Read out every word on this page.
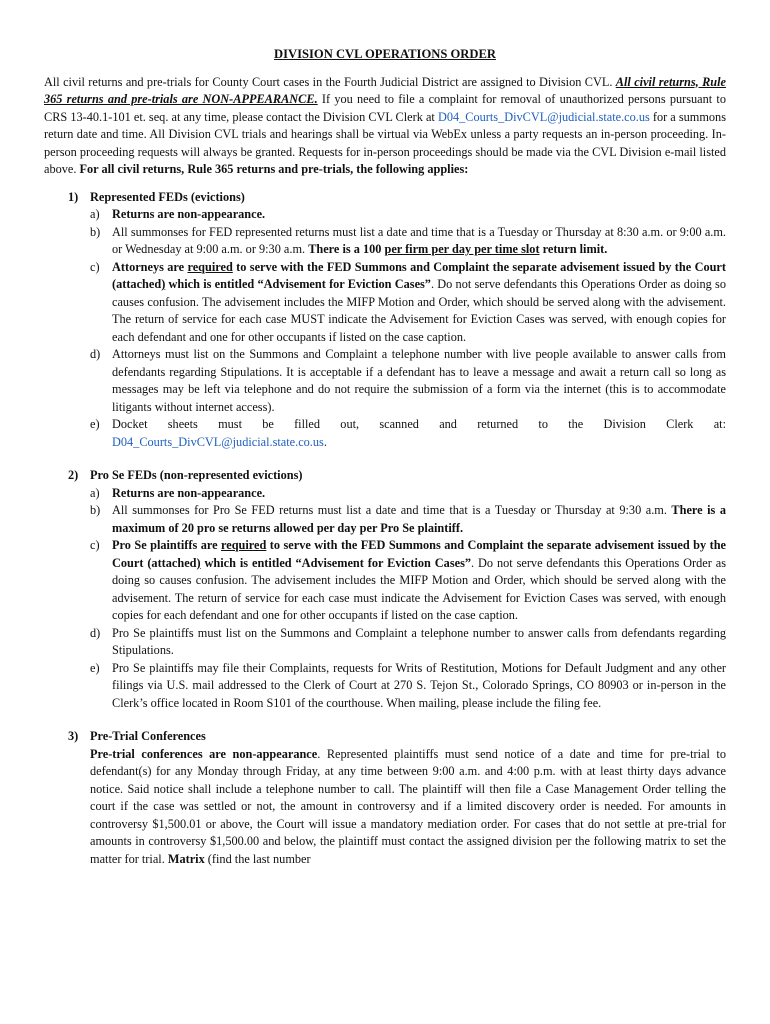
DIVISION CVL OPERATIONS ORDER

All civil returns and pre-trials for County Court cases in the Fourth Judicial District are assigned to Division CVL. All civil returns, Rule 365 returns and pre-trials are NON-APPEARANCE. If you need to file a complaint for removal of unauthorized persons pursuant to CRS 13-40.1-101 et. seq. at any time, please contact the Division CVL Clerk at D04_Courts_DivCVL@judicial.state.co.us for a summons return date and time. All Division CVL trials and hearings shall be virtual via WebEx unless a party requests an in-person proceeding. In-person proceeding requests will always be granted. Requests for in-person proceedings should be made via the CVL Division e-mail listed above. For all civil returns, Rule 365 returns and pre-trials, the following applies:

1) Represented FEDs (evictions)
a) Returns are non-appearance.
b) All summonses for FED represented returns must list a date and time that is a Tuesday or Thursday at 8:30 a.m. or 9:00 a.m. or Wednesday at 9:00 a.m. or 9:30 a.m. There is a 100 per firm per day per time slot return limit.
c) Attorneys are required to serve with the FED Summons and Complaint the separate advisement issued by the Court (attached) which is entitled “Advisement for Eviction Cases”. Do not serve defendants this Operations Order as doing so causes confusion. The advisement includes the MIFP Motion and Order, which should be served along with the advisement. The return of service for each case MUST indicate the Advisement for Eviction Cases was served, with enough copies for each defendant and one for other occupants if listed on the case caption.
d) Attorneys must list on the Summons and Complaint a telephone number with live people available to answer calls from defendants regarding Stipulations. It is acceptable if a defendant has to leave a message and await a return call so long as messages may be left via telephone and do not require the submission of a form via the internet (this is to accommodate litigants without internet access).
e) Docket sheets must be filled out, scanned and returned to the Division Clerk at:
D04_Courts_DivCVL@judicial.state.co.us.
2) Pro Se FEDs (non-represented evictions)
a) Returns are non-appearance.
b) All summonses for Pro Se FED returns must list a date and time that is a Tuesday or Thursday at 9:30 a.m. There is a maximum of 20 pro se returns allowed per day per Pro Se plaintiff.
c) Pro Se plaintiffs are required to serve with the FED Summons and Complaint the separate advisement issued by the Court (attached) which is entitled “Advisement for Eviction Cases”. Do not serve defendants this Operations Order as doing so causes confusion. The advisement includes the MIFP Motion and Order, which should be served along with the advisement. The return of service for each case must indicate the Advisement for Eviction Cases was served, with enough copies for each defendant and one for other occupants if listed on the case caption.
d) Pro Se plaintiffs must list on the Summons and Complaint a telephone number to answer calls from defendants regarding Stipulations.
e) Pro Se plaintiffs may file their Complaints, requests for Writs of Restitution, Motions for Default Judgment and any other filings via U.S. mail addressed to the Clerk of Court at 270 S. Tejon St., Colorado Springs, CO 80903 or in-person in the Clerk’s office located in Room S101 of the courthouse. When mailing, please include the filing fee.
3) Pre-Trial Conferences

Pre-trial conferences are non-appearance. Represented plaintiffs must send notice of a date and time for pre-trial to defendant(s) for any Monday through Friday, at any time between 9:00 a.m. and 4:00 p.m. with at least thirty days advance notice. Said notice shall include a telephone number to call. The plaintiff will then file a Case Management Order telling the court if the case was settled or not, the amount in controversy and if a limited discovery order is needed. For amounts in controversy $1,500.01 or above, the Court will issue a mandatory mediation order. For cases that do not settle at pre-trial for amounts in controversy $1,500.00 and below, the plaintiff must contact the assigned division per the following matrix to set the matter for trial. Matrix (find the last number
